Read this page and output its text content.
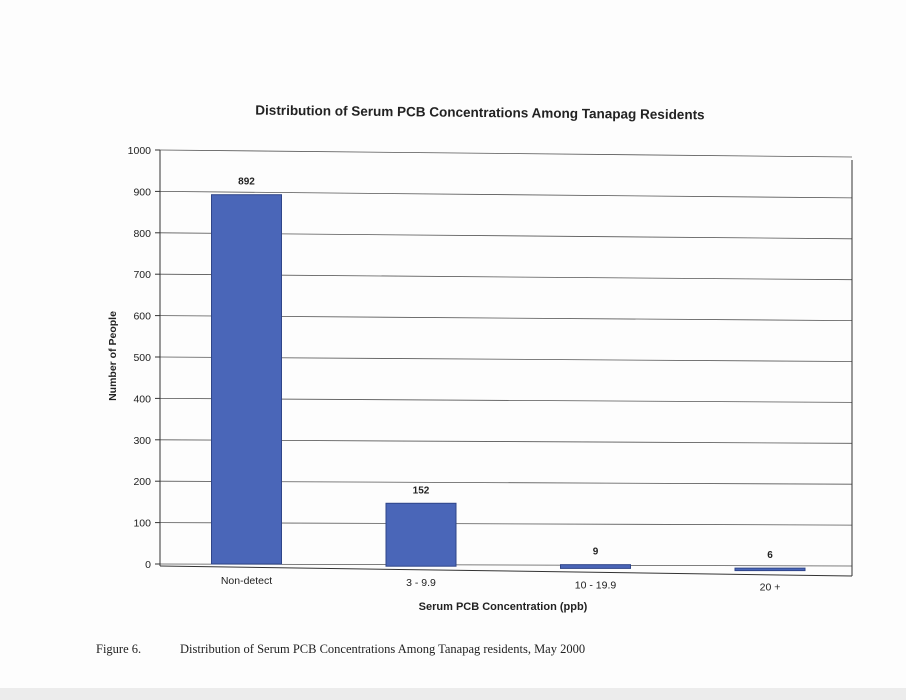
Distribution of Serum PCB Concentrations Among Tanapag Residents
0
100
200
300
400
500
600
700
800
900
1000
892
Non-detect
152
3 - 9.9
9
10 - 19.9
6
20 +
Number of People
Serum PCB Concentration (ppb)
Figure 6.	Distribution of Serum PCB Concentrations Among Tanapag residents, May 2000
